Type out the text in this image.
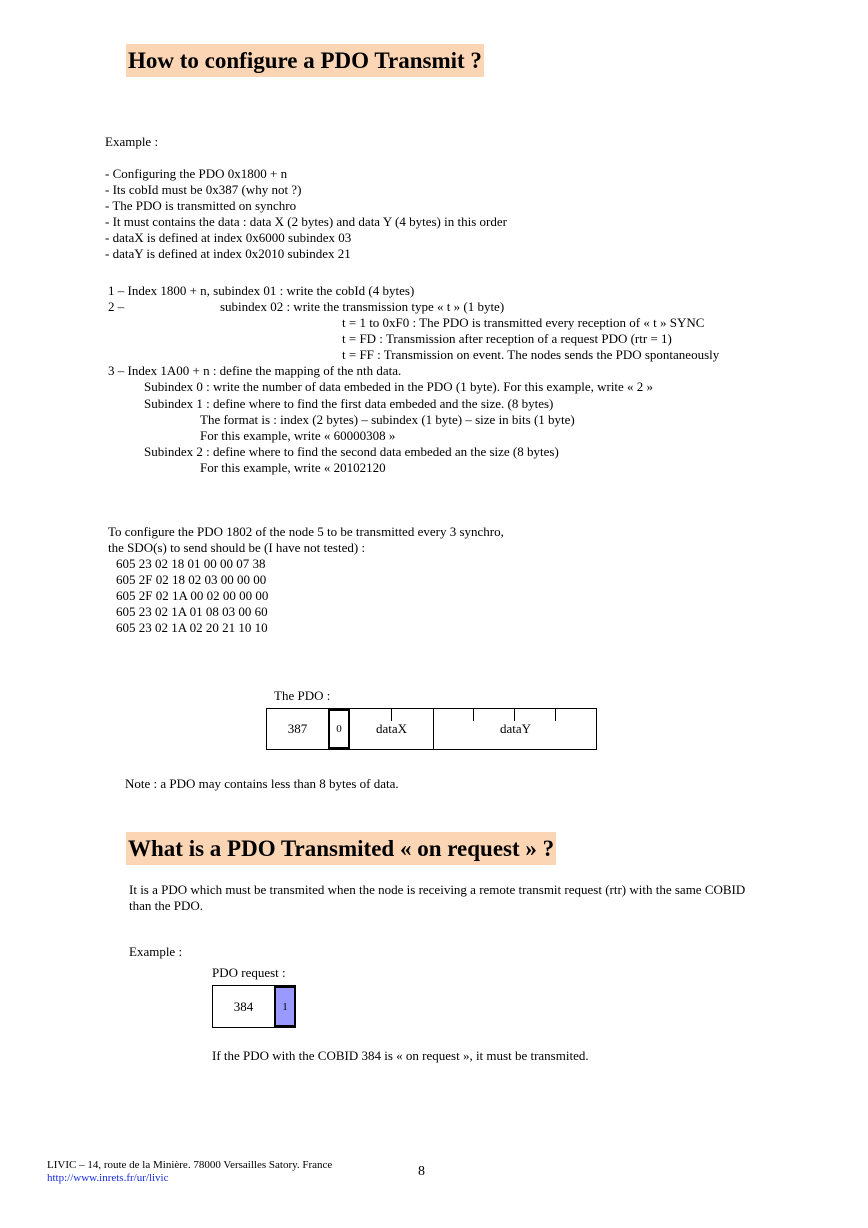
How to configure a PDO Transmit ?
Example :
- Configuring the PDO 0x1800 + n
- Its cobId must be 0x387 (why not ?)
- The PDO is transmitted on synchro
- It must contains the data : data X (2 bytes) and data Y (4 bytes) in this order
- dataX is defined at index 0x6000 subindex 03
- dataY is defined at index 0x2010 subindex 21
1 – Index 1800 + n, subindex 01 : write the cobId (4 bytes)
2 –	subindex 02 : write the transmission type « t » (1 byte)
t = 1 to 0xF0 : The PDO is transmitted every reception of « t » SYNC
t = FD : Transmission after reception of a request PDO (rtr = 1)
t = FF : Transmission on event. The nodes sends the PDO spontaneously
3 – Index 1A00 + n : define the mapping of the nth data.
Subindex 0 : write the number of data embeded in the PDO (1 byte). For this example, write « 2 »
Subindex 1 : define where to find the first data embeded and the size. (8 bytes)
The format is : index (2 bytes) – subindex (1 byte) – size in bits (1 byte)
For this example, write « 60000308 »
Subindex 2 : define where to find the second data embeded an the size (8 bytes)
For this example, write « 20102120
To configure the PDO 1802 of the node 5 to be transmitted every 3 synchro,
the SDO(s) to send should be (I have not tested) :
605 23 02 18 01 00 00 07 38
605 2F 02 18 02 03 00 00 00
605 2F 02 1A 00 02 00 00 00
605 23 02 1A 01 08 03 00 60
605 23 02 1A 02 20 21 10 10
The PDO :
387	0	dataX	dataY
Note : a PDO may contains less than 8 bytes of data.
What is a PDO Transmited « on request » ?
It is a PDO which must be transmited when the node is receiving a remote transmit request (rtr) with the same COBID
than the PDO.
Example :
PDO request :
384	1
If the PDO with the COBID 384 is « on request », it must be transmited.
LIVIC – 14, route de la Minière. 78000 Versailles Satory. France
http://www.inrets.fr/ur/livic	8
